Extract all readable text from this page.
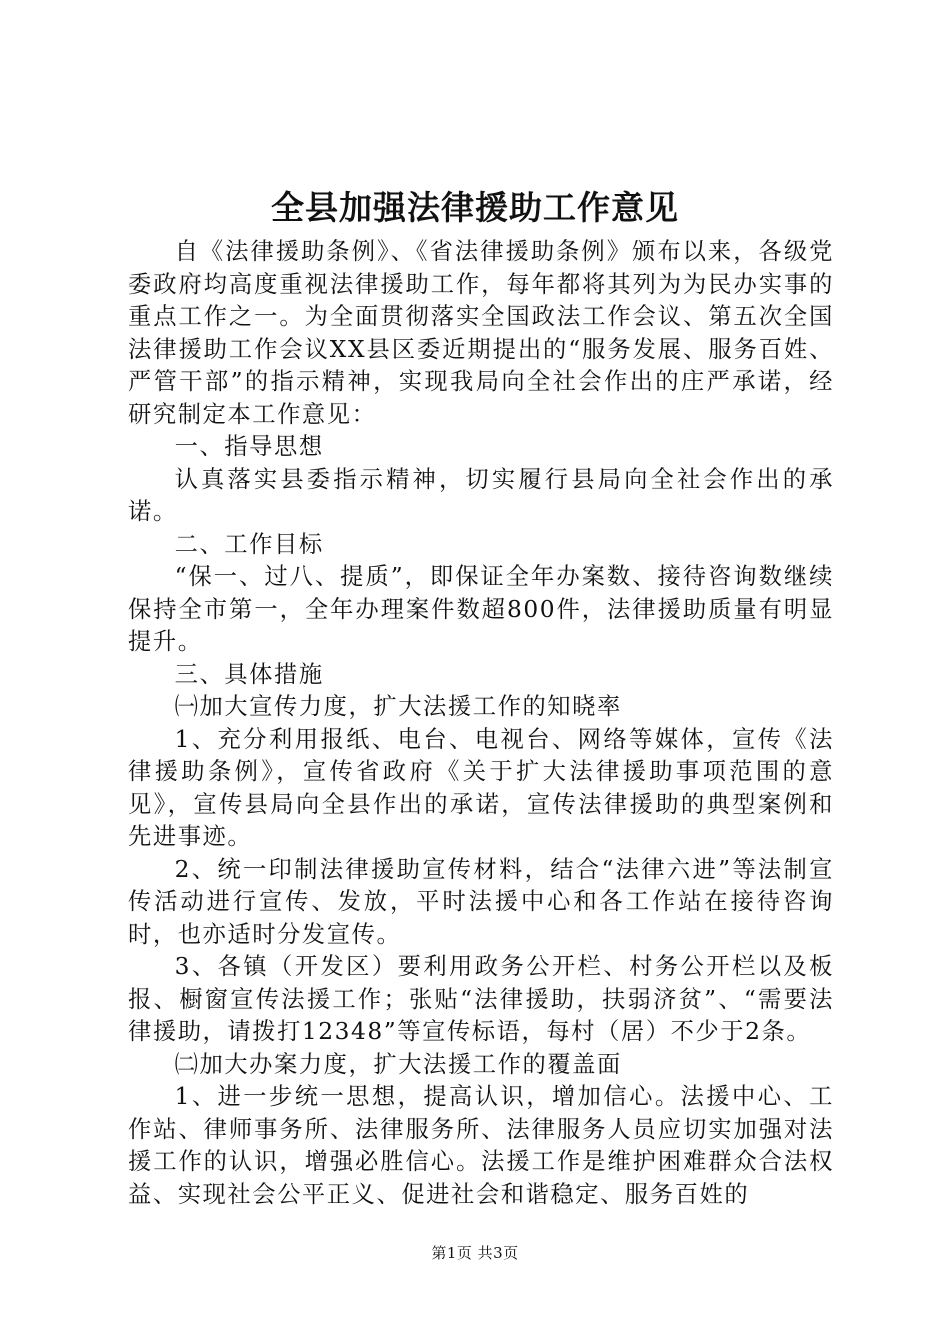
全县加强法律援助工作意见

自《法律援助条例》、《省法律援助条例》颁布以来，各级党委政府均高度重视法律援助工作，每年都将其列为为民办实事的重点工作之一。为全面贯彻落实全国政法工作会议、第五次全国法律援助工作会议XX县区委近期提出的“服务发展、服务百姓、严管干部”的指示精神，实现我局向全社会作出的庄严承诺，经研究制定本工作意见：

一、指导思想

认真落实县委指示精神，切实履行县局向全社会作出的承诺。

二、工作目标

“保一、过八、提质”，即保证全年办案数、接待咨询数继续保持全市第一，全年办理案件数超800件，法律援助质量有明显提升。

三、具体措施

㈠加大宣传力度，扩大法援工作的知晓率

1、充分利用报纸、电台、电视台、网络等媒体，宣传《法律援助条例》，宣传省政府《关于扩大法律援助事项范围的意见》，宣传县局向全县作出的承诺，宣传法律援助的典型案例和先进事迹。

2、统一印制法律援助宣传材料，结合“法律六进”等法制宣传活动进行宣传、发放，平时法援中心和各工作站在接待咨询时，也亦适时分发宣传。

3、各镇（开发区）要利用政务公开栏、村务公开栏以及板报、橱窗宣传法援工作；张贴“法律援助，扶弱济贫”、“需要法律援助，请拨打12348”等宣传标语，每村（居）不少于2条。

㈡加大办案力度，扩大法援工作的覆盖面

1、进一步统一思想，提高认识，增加信心。法援中心、工作站、律师事务所、法律服务所、法律服务人员应切实加强对法援工作的认识，增强必胜信心。法援工作是维护困难群众合法权益、实现社会公平正义、促进社会和谐稳定、服务百姓的

第1页 共3页
